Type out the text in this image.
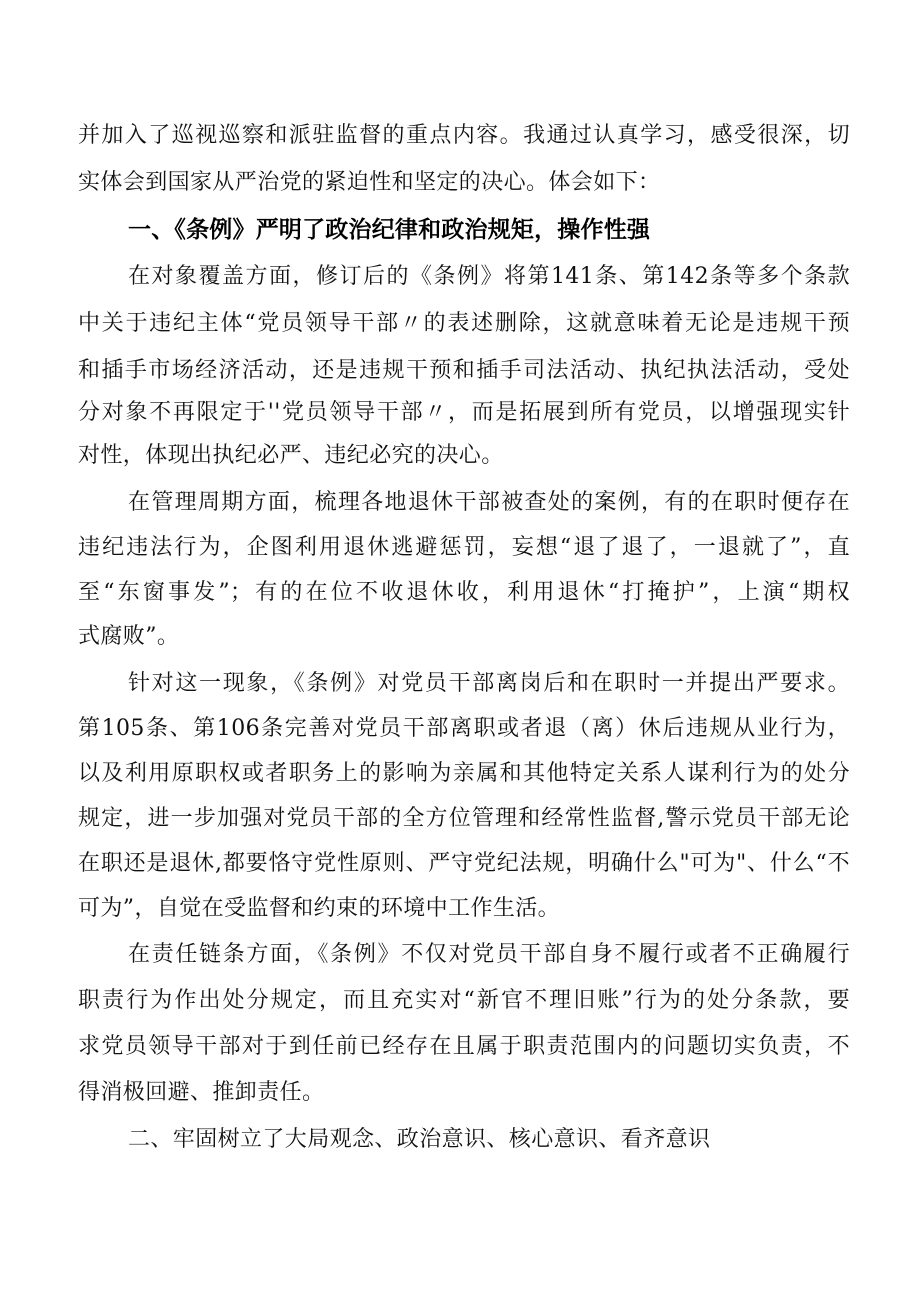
并加入了巡视巡察和派驻监督的重点内容。我通过认真学习，感受很深，切
实体会到国家从严治党的紧迫性和坚定的决心。体会如下：
一、《条例》严明了政治纪律和政治规矩，操作性强
在对象覆盖方面，修订后的《条例》将第141条、第142条等多个条款
中关于违纪主体“党员领导干部〃的表述删除，这就意味着无论是违规干预
和插手市场经济活动，还是违规干预和插手司法活动、执纪执法活动，受处
分对象不再限定于''党员领导干部〃，而是拓展到所有党员，以增强现实针
对性，体现出执纪必严、违纪必究的决心。
在管理周期方面，梳理各地退休干部被查处的案例，有的在职时便存在
违纪违法行为，企图利用退休逃避惩罚，妄想“退了退了，一退就了”，直
至“东窗事发”；有的在位不收退休收，利用退休“打掩护”，上演“期权
式腐败”。
针对这一现象，《条例》对党员干部离岗后和在职时一并提出严要求。
第105条、第106条完善对党员干部离职或者退（离）休后违规从业行为，
以及利用原职权或者职务上的影响为亲属和其他特定关系人谋利行为的处分
规定，进一步加强对党员干部的全方位管理和经常性监督,警示党员干部无论
在职还是退休,都要恪守党性原则、严守党纪法规，明确什么"可为"、什么“不
可为”，自觉在受监督和约束的环境中工作生活。
在责任链条方面，《条例》不仅对党员干部自身不履行或者不正确履行
职责行为作出处分规定，而且充实对“新官不理旧账”行为的处分条款，要
求党员领导干部对于到任前已经存在且属于职责范围内的问题切实负责，不
得消极回避、推卸责任。
二、牢固树立了大局观念、政治意识、核心意识、看齐意识
